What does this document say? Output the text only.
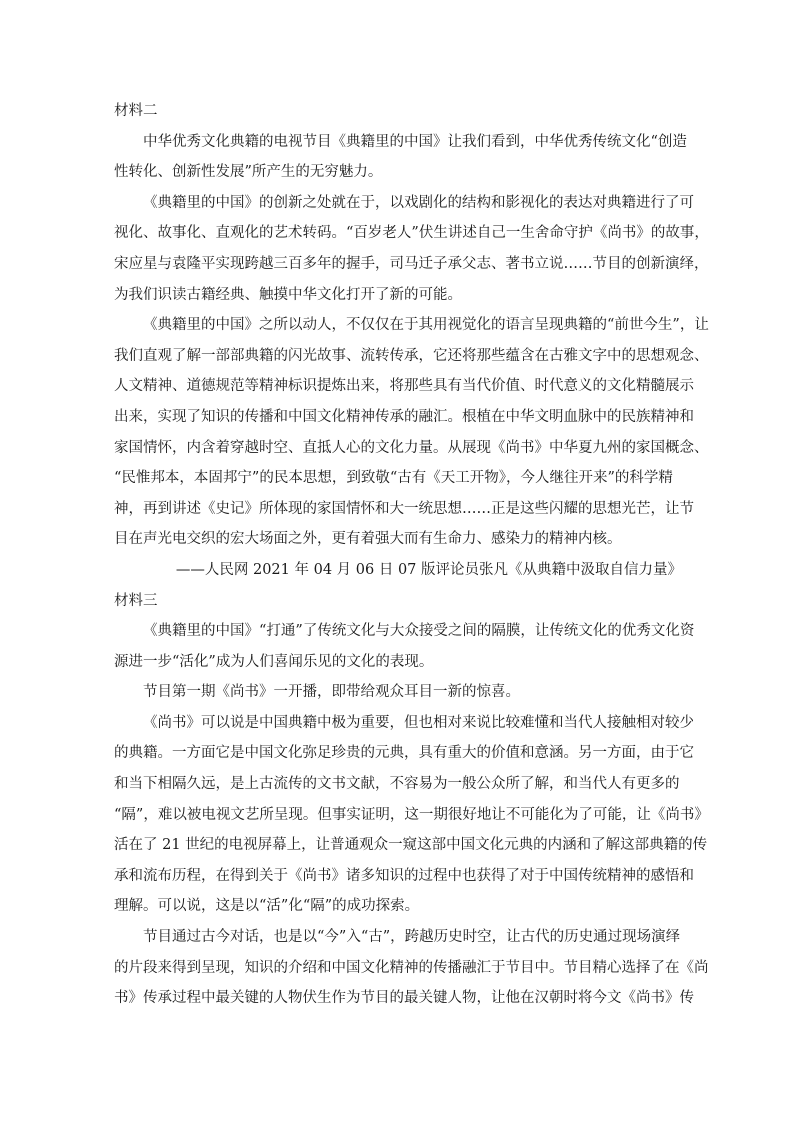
材料二
中华优秀文化典籍的电视节目《典籍里的中国》让我们看到，中华优秀传统文化“创造
性转化、创新性发展”所产生的无穷魅力。
《典籍里的中国》的创新之处就在于，以戏剧化的结构和影视化的表达对典籍进行了可
视化、故事化、直观化的艺术转码。“百岁老人”伏生讲述自己一生舍命守护《尚书》的故事，
宋应星与袁隆平实现跨越三百多年的握手，司马迁子承父志、著书立说……节目的创新演绎，
为我们识读古籍经典、触摸中华文化打开了新的可能。
《典籍里的中国》之所以动人，不仅仅在于其用视觉化的语言呈现典籍的“前世今生”，让
我们直观了解一部部典籍的闪光故事、流转传承，它还将那些蕴含在古雅文字中的思想观念、
人文精神、道德规范等精神标识提炼出来，将那些具有当代价值、时代意义的文化精髓展示
出来，实现了知识的传播和中国文化精神传承的融汇。根植在中华文明血脉中的民族精神和
家国情怀，内含着穿越时空、直抵人心的文化力量。从展现《尚书》中华夏九州的家国概念、
“民惟邦本，本固邦宁”的民本思想，到致敬“古有《天工开物》，今人继往开来”的科学精
神，再到讲述《史记》所体现的家国情怀和大一统思想……正是这些闪耀的思想光芒，让节
目在声光电交织的宏大场面之外，更有着强大而有生命力、感染力的精神内核。
——人民网 2021 年 04 月 06 日 07 版评论员张凡《从典籍中汲取自信力量》
材料三
《典籍里的中国》“打通”了传统文化与大众接受之间的隔膜，让传统文化的优秀文化资
源进一步“活化”成为人们喜闻乐见的文化的表现。
节目第一期《尚书》一开播，即带给观众耳目一新的惊喜。
《尚书》可以说是中国典籍中极为重要，但也相对来说比较难懂和当代人接触相对较少
的典籍。一方面它是中国文化弥足珍贵的元典，具有重大的价值和意涵。另一方面，由于它
和当下相隔久远，是上古流传的文书文献，不容易为一般公众所了解，和当代人有更多的
“隔”，难以被电视文艺所呈现。但事实证明，这一期很好地让不可能化为了可能，让《尚书》
活在了 21 世纪的电视屏幕上，让普通观众一窥这部中国文化元典的内涵和了解这部典籍的传
承和流布历程，在得到关于《尚书》诸多知识的过程中也获得了对于中国传统精神的感悟和
理解。可以说，这是以“活”化“隔”的成功探索。
节目通过古今对话，也是以“今”入“古”，跨越历史时空，让古代的历史通过现场演绎
的片段来得到呈现，知识的介绍和中国文化精神的传播融汇于节目中。节目精心选择了在《尚
书》传承过程中最关键的人物伏生作为节目的最关键人物，让他在汉朝时将今文《尚书》传
